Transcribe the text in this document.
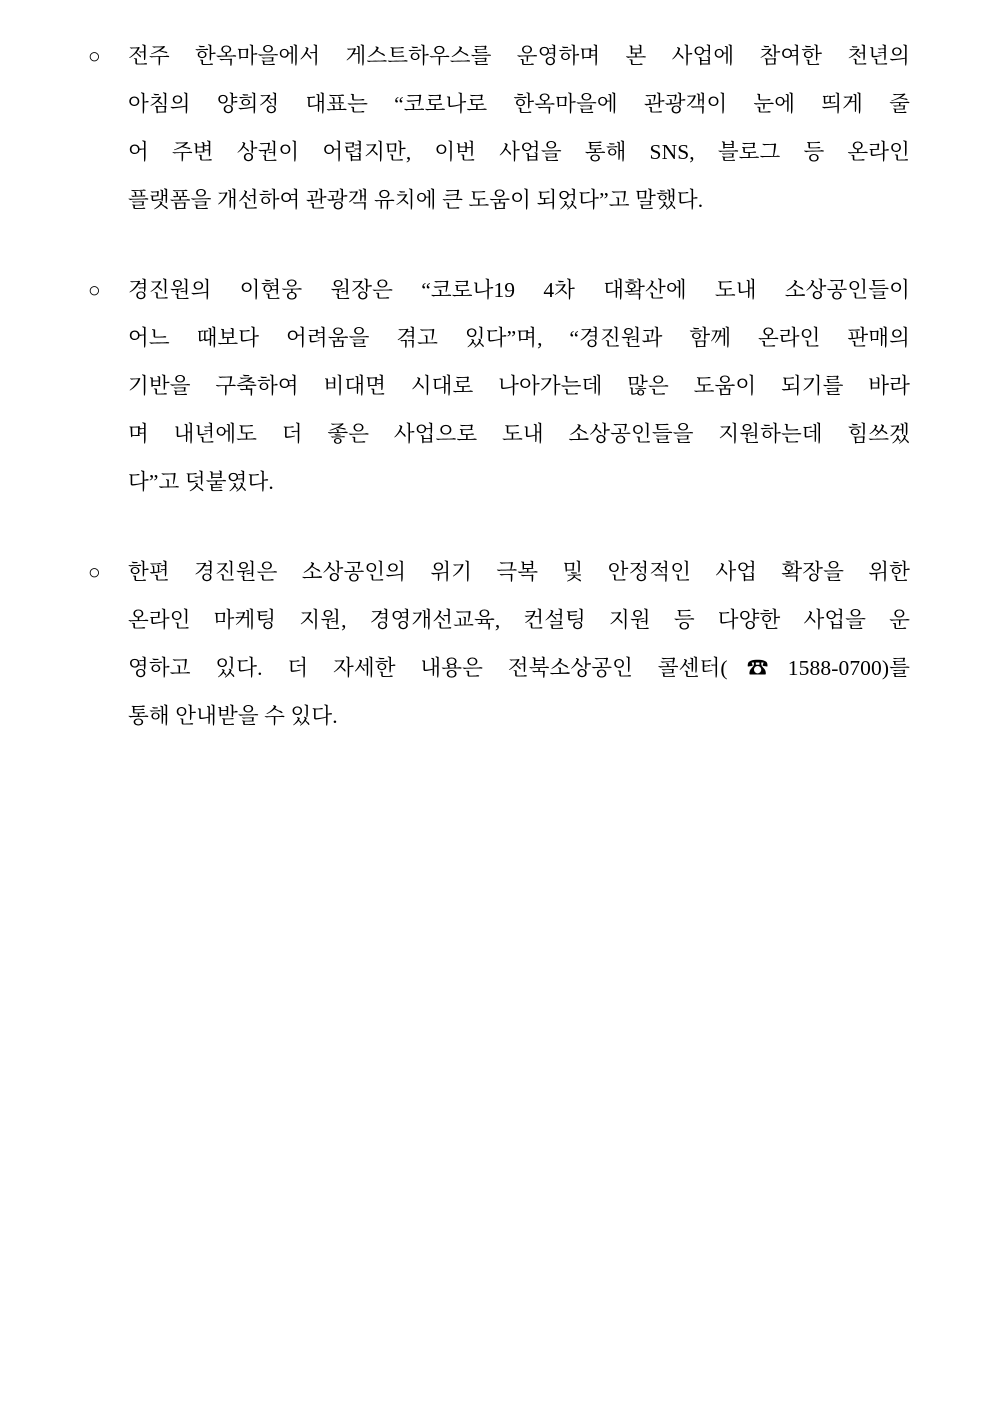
○	전주 한옥마을에서 게스트하우스를 운영하며 본 사업에 참여한 천년의
아침의 양희정 대표는 “코로나로 한옥마을에 관광객이 눈에 띄게 줄
어 주변 상권이 어렵지만, 이번 사업을 통해 SNS, 블로그 등 온라인
플랫폼을 개선하여 관광객 유치에 큰 도움이 되었다”고 말했다.
○	경진원의 이현웅 원장은 “코로나19 4차 대확산에 도내 소상공인들이
어느 때보다 어려움을 겪고 있다”며, “경진원과 함께 온라인 판매의
기반을 구축하여 비대면 시대로 나아가는데 많은 도움이 되기를 바라
며 내년에도 더 좋은 사업으로 도내 소상공인들을 지원하는데 힘쓰겠
다”고 덧붙였다.
○	한편 경진원은 소상공인의 위기 극복 및 안정적인 사업 확장을 위한
온라인 마케팅 지원, 경영개선교육, 컨설팅 지원 등 다양한 사업을 운
영하고 있다. 더 자세한 내용은 전북소상공인 콜센터(☎1588-0700)를
통해 안내받을 수 있다.
